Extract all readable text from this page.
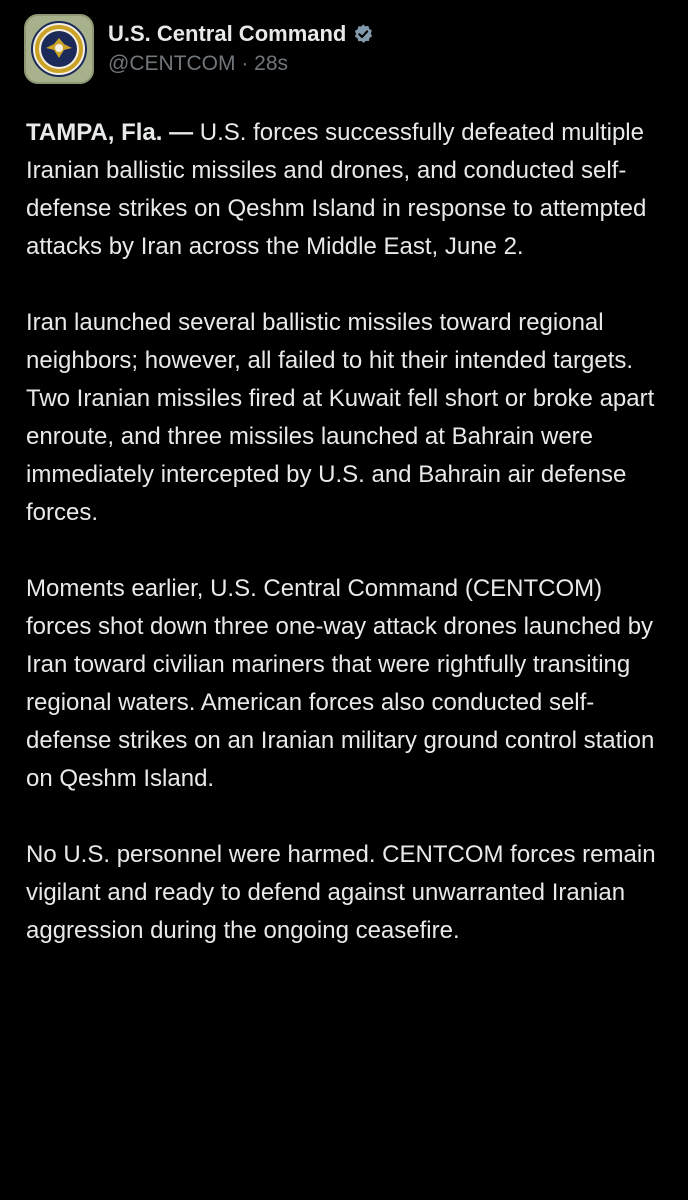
U.S. Central Command
@CENTCOM · 28s

TAMPA, Fla. — U.S. forces successfully defeated multiple Iranian ballistic missiles and drones, and conducted self-defense strikes on Qeshm Island in response to attempted attacks by Iran across the Middle East, June 2.

Iran launched several ballistic missiles toward regional neighbors; however, all failed to hit their intended targets. Two Iranian missiles fired at Kuwait fell short or broke apart enroute, and three missiles launched at Bahrain were immediately intercepted by U.S. and Bahrain air defense forces.

Moments earlier, U.S. Central Command (CENTCOM) forces shot down three one-way attack drones launched by Iran toward civilian mariners that were rightfully transiting regional waters. American forces also conducted self-defense strikes on an Iranian military ground control station on Qeshm Island.

No U.S. personnel were harmed. CENTCOM forces remain vigilant and ready to defend against unwarranted Iranian aggression during the ongoing ceasefire.
